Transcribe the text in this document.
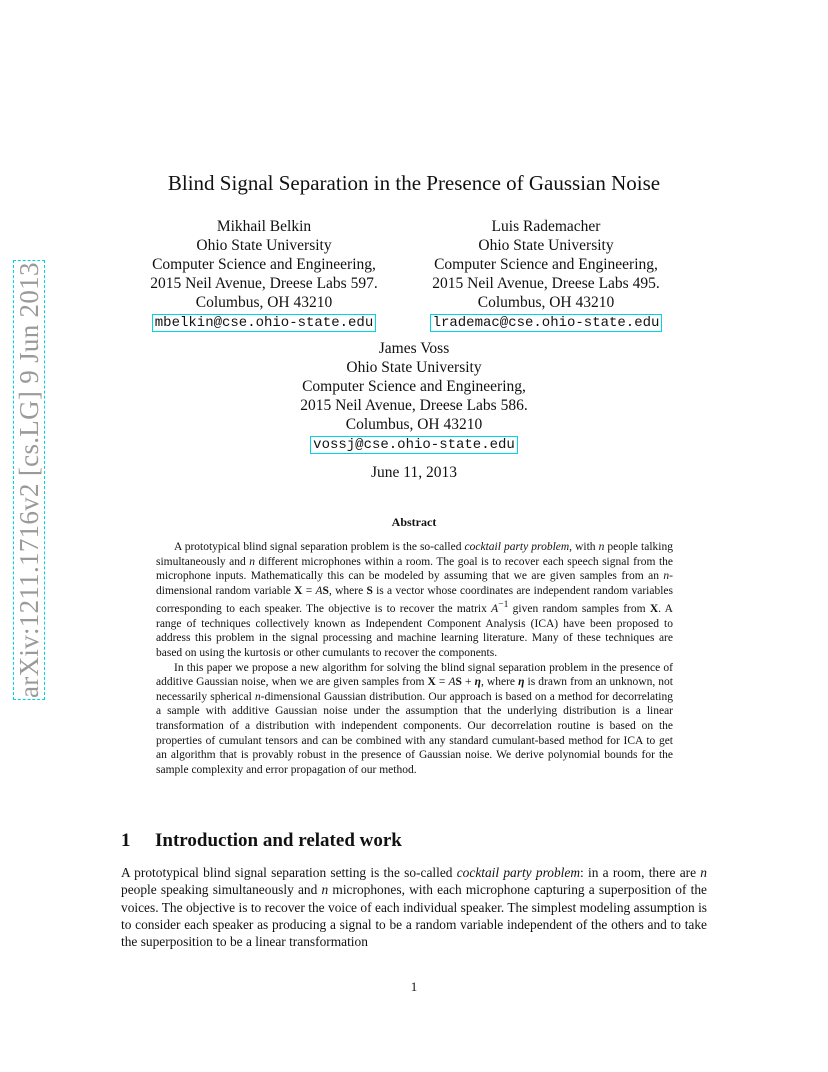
arXiv:1211.1716v2 [cs.LG] 9 Jun 2013
Blind Signal Separation in the Presence of Gaussian Noise
Mikhail Belkin
Ohio State University
Computer Science and Engineering,
2015 Neil Avenue, Dreese Labs 597.
Columbus, OH 43210
mbelkin@cse.ohio-state.edu
Luis Rademacher
Ohio State University
Computer Science and Engineering,
2015 Neil Avenue, Dreese Labs 495.
Columbus, OH 43210
lrademac@cse.ohio-state.edu
James Voss
Ohio State University
Computer Science and Engineering,
2015 Neil Avenue, Dreese Labs 586.
Columbus, OH 43210
vossj@cse.ohio-state.edu
June 11, 2013
Abstract

A prototypical blind signal separation problem is the so-called cocktail party problem, with n people talking simultaneously and n different microphones within a room. The goal is to recover each speech signal from the microphone inputs. Mathematically this can be modeled by assuming that we are given samples from an n-dimensional random variable X = AS, where S is a vector whose coordinates are independent random variables corresponding to each speaker. The objective is to recover the matrix $A^{-1}$ given random samples from X. A range of techniques collectively known as Independent Component Analysis (ICA) have been proposed to address this problem in the signal processing and machine learning literature. Many of these techniques are based on using the kurtosis or other cumulants to recover the components.

In this paper we propose a new algorithm for solving the blind signal separation problem in the presence of additive Gaussian noise, when we are given samples from X = AS + η, where η is drawn from an unknown, not necessarily spherical n-dimensional Gaussian distribution. Our approach is based on a method for decorrelating a sample with additive Gaussian noise under the assumption that the underlying distribution is a linear transformation of a distribution with independent components. Our decorrelation routine is based on the properties of cumulant tensors and can be combined with any standard cumulant-based method for ICA to get an algorithm that is provably robust in the presence of Gaussian noise. We derive polynomial bounds for the sample complexity and error propagation of our method.

1 Introduction and related work

A prototypical blind signal separation setting is the so-called cocktail party problem: in a room, there are n people speaking simultaneously and n microphones, with each microphone capturing a superposition of the voices. The objective is to recover the voice of each individual speaker. The simplest modeling assumption is to consider each speaker as producing a signal to be a random variable independent of the others and to take the superposition to be a linear transformation

1
